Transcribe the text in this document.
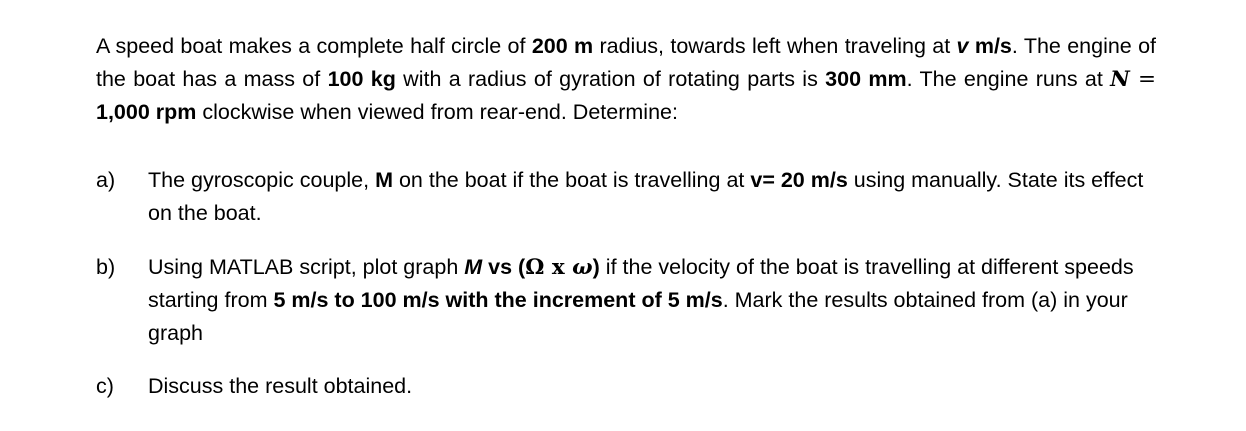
A speed boat makes a complete half circle of 200 m radius, towards left when traveling at v m/s. The engine of the boat has a mass of 100 kg with a radius of gyration of rotating parts is 300 mm. The engine runs at N = 1,000 rpm clockwise when viewed from rear-end. Determine:

a) The gyroscopic couple, M on the boat if the boat is travelling at v= 20 m/s using manually. State its effect on the boat.

b) Using MATLAB script, plot graph M vs (Ω x ω) if the velocity of the boat is travelling at different speeds starting from 5 m/s to 100 m/s with the increment of 5 m/s. Mark the results obtained from (a) in your graph

c) Discuss the result obtained.
